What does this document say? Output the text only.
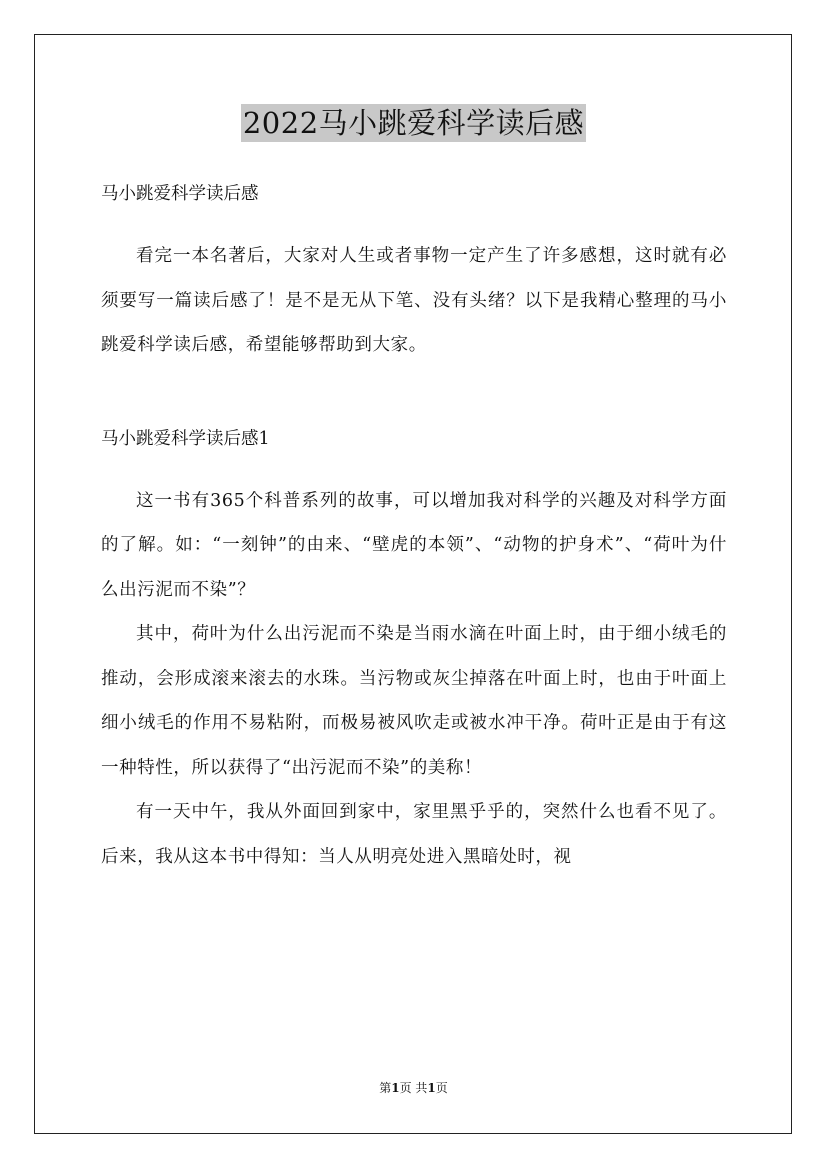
2022马小跳爱科学读后感

马小跳爱科学读后感

看完一本名著后，大家对人生或者事物一定产生了许多感想，这时就有必须要写一篇读后感了！是不是无从下笔、没有头绪？以下是我精心整理的马小跳爱科学读后感，希望能够帮助到大家。

马小跳爱科学读后感1

这一书有365个科普系列的故事，可以增加我对科学的兴趣及对科学方面的了解。如：“一刻钟”的由来、“壁虎的本领”、“动物的护身术”、“荷叶为什么出污泥而不染”？

其中，荷叶为什么出污泥而不染是当雨水滴在叶面上时，由于细小绒毛的推动，会形成滚来滚去的水珠。当污物或灰尘掉落在叶面上时，也由于叶面上细小绒毛的作用不易粘附，而极易被风吹走或被水冲干净。荷叶正是由于有这一种特性，所以获得了“出污泥而不染”的美称！

有一天中午，我从外面回到家中，家里黑乎乎的，突然什么也看不见了。后来，我从这本书中得知：当人从明亮处进入黑暗处时，视

第1页 共1页
